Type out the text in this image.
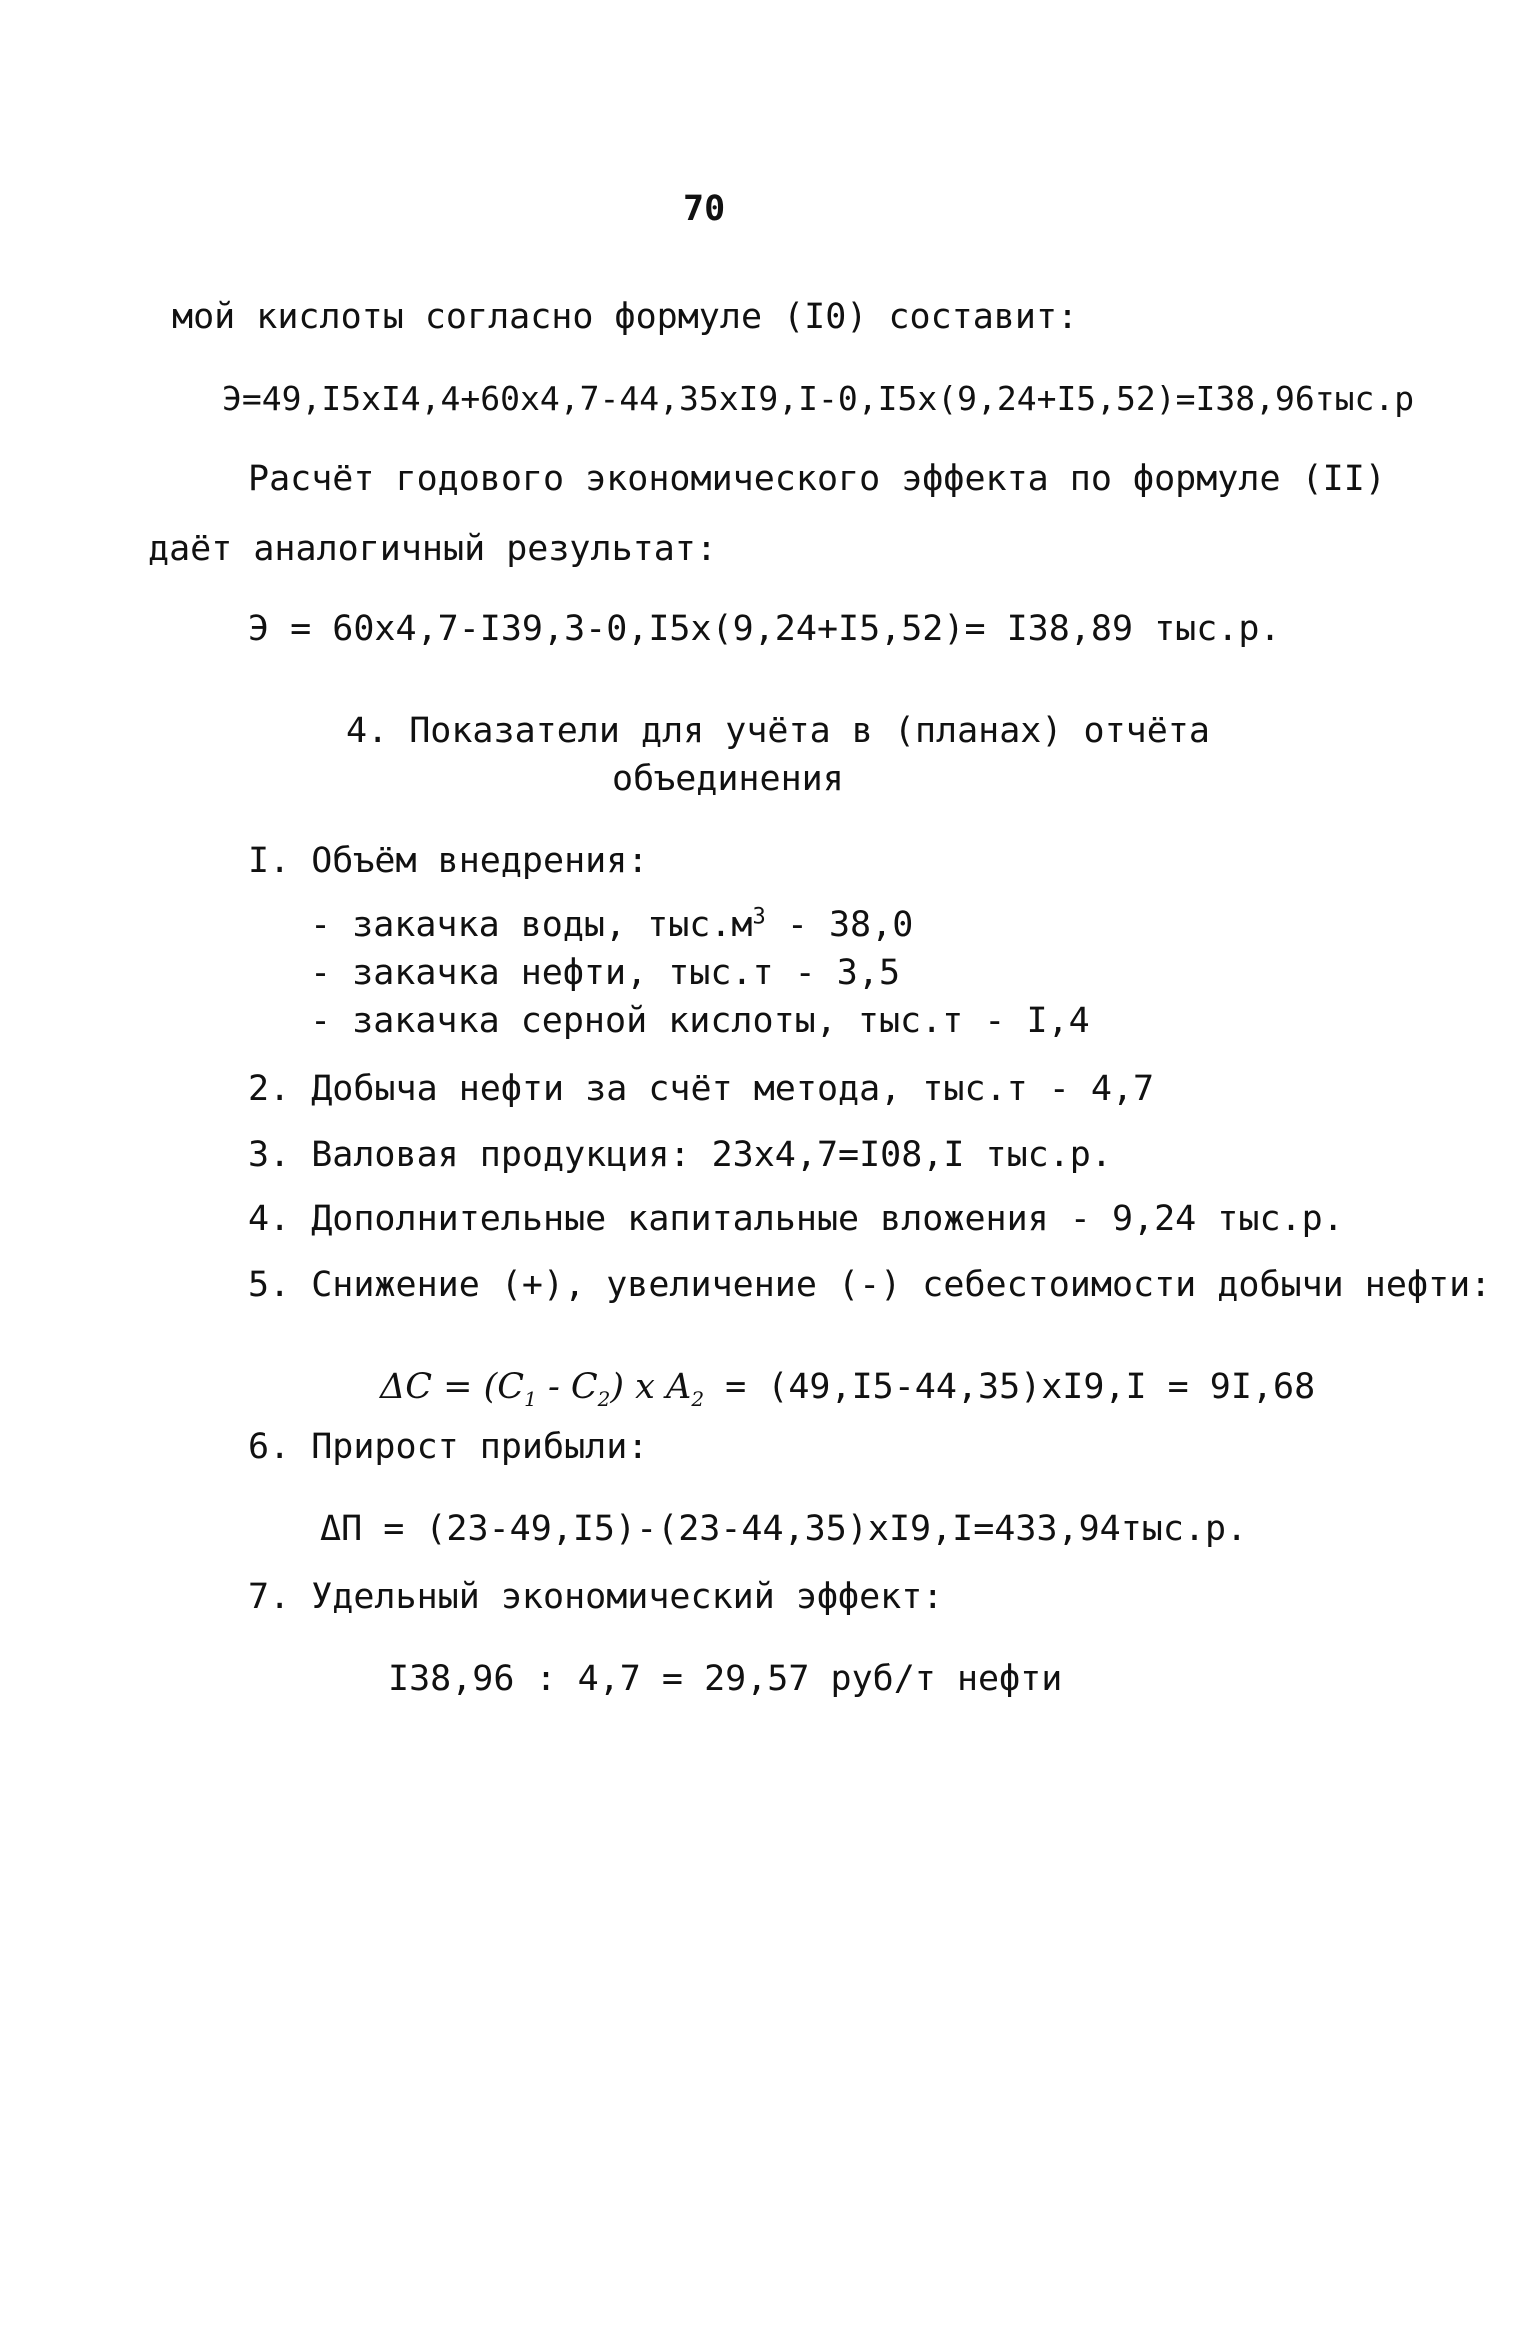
70
мой кислоты согласно формуле (I0) составит:
Э=49,I5xI4,4+60x4,7-44,35xI9,I-0,I5x(9,24+I5,52)=I38,96тыс.р
Расчёт годового экономического эффекта по формуле (II)
даёт аналогичный результат:
Э = 60x4,7-I39,3-0,I5x(9,24+I5,52)= I38,89 тыс.р.
4. Показатели для учёта в (планах) отчёта
объединения
I. Объём внедрения:
- закачка воды, $тыс.м^3 - 38,0$
- закачка нефти, тыс.т - 3,5
- закачка серной кислоты, тыс.т - I,4
2. Добыча нефти за счёт метода, тыс.т - 4,7
3. Валовая продукция: 23x4,7=I08,I тыс.р.
4. Дополнительные капитальные вложения - 9,24 тыс.р.
5. Снижение (+), увеличение (-) себестоимости добычи нефти:
$\Delta C = (C_1 - C_2)$ x $A_2 = (49,I5-44,35)xI9,I = 9I,68$
6. Прирост прибыли:
ΔП = (23-49,I5)-(23-44,35)xI9,I=433,94тыс.р.
7. Удельный экономический эффект:
I38,96 : 4,7 = 29,57 руб/т нефти
